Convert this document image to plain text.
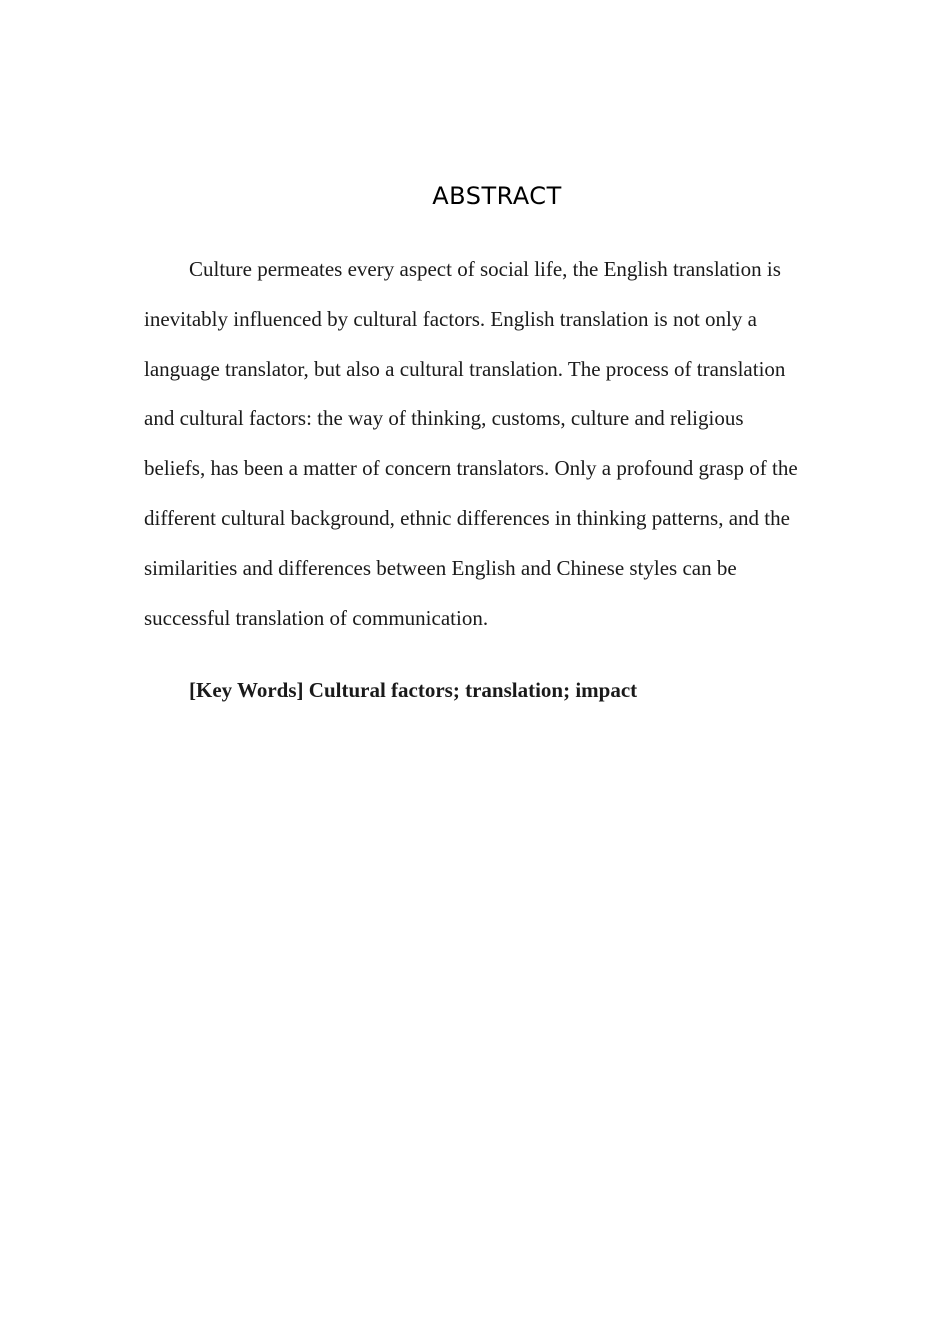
ABSTRACT

Culture permeates every aspect of social life, the English translation is inevitably influenced by cultural factors. English translation is not only a language translator, but also a cultural translation. The process of translation and cultural factors: the way of thinking, customs, culture and religious beliefs, has been a matter of concern translators. Only a profound grasp of the different cultural background, ethnic differences in thinking patterns, and the similarities and differences between English and Chinese styles can be successful translation of communication.

[Key Words] Cultural factors; translation; impact
